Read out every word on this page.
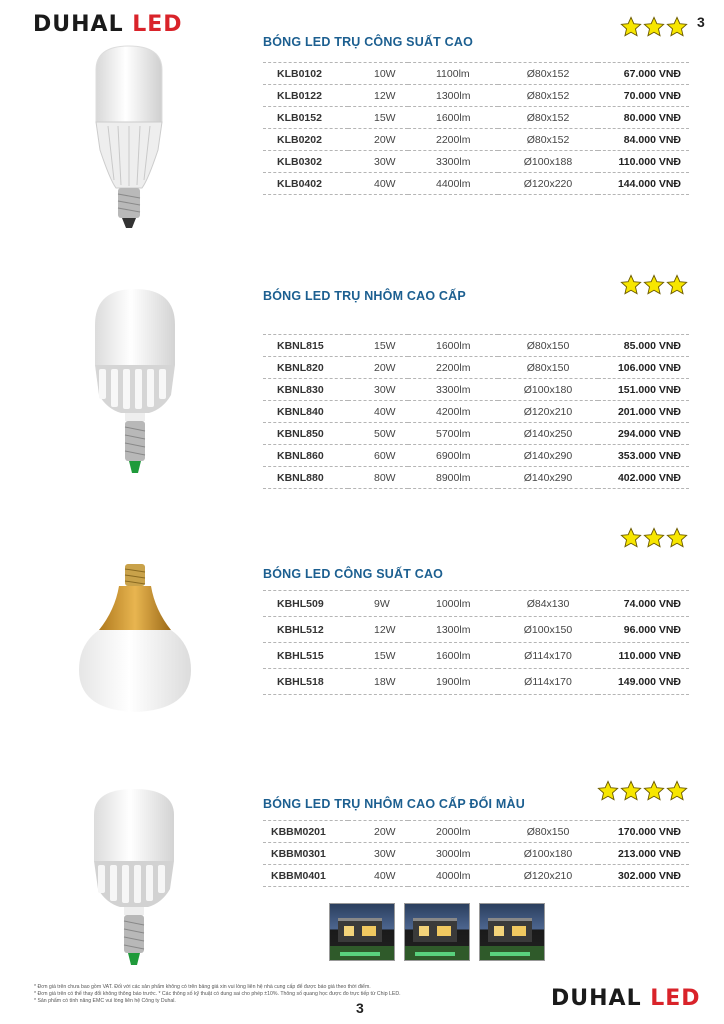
DUHAL LED	3
BÓNG LED TRỤ CÔNG SUẤT CAO
KLB0102	10W	1100lm	Ø80x152	67.000 VNĐ
KLB0122	12W	1300lm	Ø80x152	70.000 VNĐ
KLB0152	15W	1600lm	Ø80x152	80.000 VNĐ
KLB0202	20W	2200lm	Ø80x152	84.000 VNĐ
KLB0302	30W	3300lm	Ø100x188	110.000 VNĐ
KLB0402	40W	4400lm	Ø120x220	144.000 VNĐ
BÓNG LED TRỤ NHÔM CAO CẤP
KBNL815	15W	1600lm	Ø80x150	85.000 VNĐ
KBNL820	20W	2200lm	Ø80x150	106.000 VNĐ
KBNL830	30W	3300lm	Ø100x180	151.000 VNĐ
KBNL840	40W	4200lm	Ø120x210	201.000 VNĐ
KBNL850	50W	5700lm	Ø140x250	294.000 VNĐ
KBNL860	60W	6900lm	Ø140x290	353.000 VNĐ
KBNL880	80W	8900lm	Ø140x290	402.000 VNĐ
BÓNG LED CÔNG SUẤT CAO
KBHL509	9W	1000lm	Ø84x130	74.000 VNĐ
KBHL512	12W	1300lm	Ø100x150	96.000 VNĐ
KBHL515	15W	1600lm	Ø114x170	110.000 VNĐ
KBHL518	18W	1900lm	Ø114x170	149.000 VNĐ
BÓNG LED TRỤ NHÔM CAO CẤP ĐỔI MÀU
KBBM0201	20W	2000lm	Ø80x150	170.000 VNĐ
KBBM0301	30W	3000lm	Ø100x180	213.000 VNĐ
KBBM0401	40W	4000lm	Ø120x210	302.000 VNĐ
* Đơn giá trên chưa bao gồm VAT. Đối với các sản phẩm không có trên bảng giá xin vui lòng liên hệ nhà cung cấp để được báo giá theo thời điểm.
* Đơn giá trên có thể thay đổi không thông báo trước. * Các thông số kỹ thuật có dung sai cho phép ±10%. Thông số quang học được đo trực tiếp từ Chip LED.
* Sản phẩm có tính năng EMC vui lòng liên hệ Công ty Duhal.	DUHAL LED
3
